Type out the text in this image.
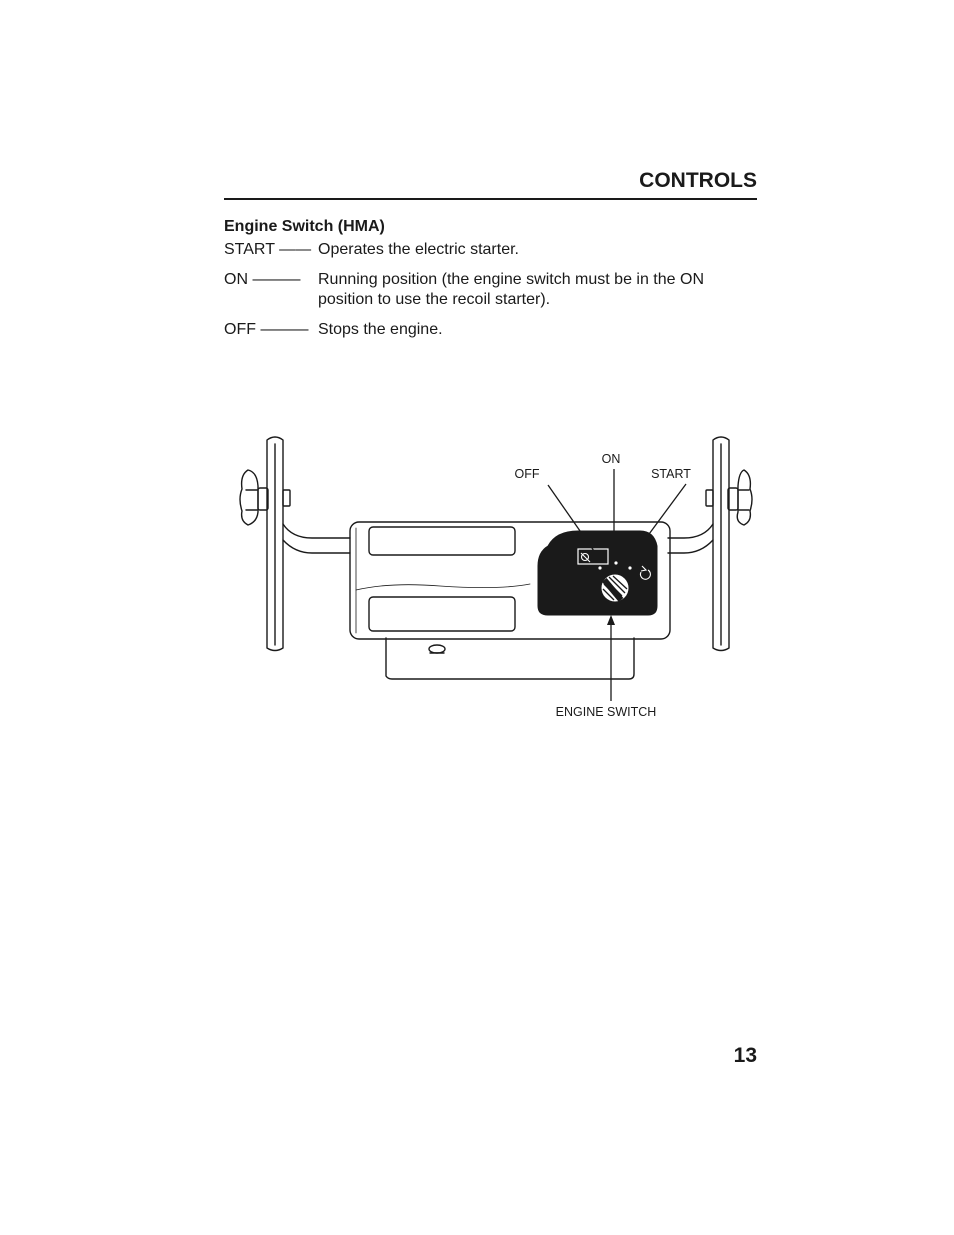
CONTROLS
Engine Switch (HMA)
START —— Operates the electric starter.
ON ——— Running position (the engine switch must be in the ON position to use the recoil starter).
OFF ——— Stops the engine.
OFF
ON
START
ENGINE SWITCH
13
